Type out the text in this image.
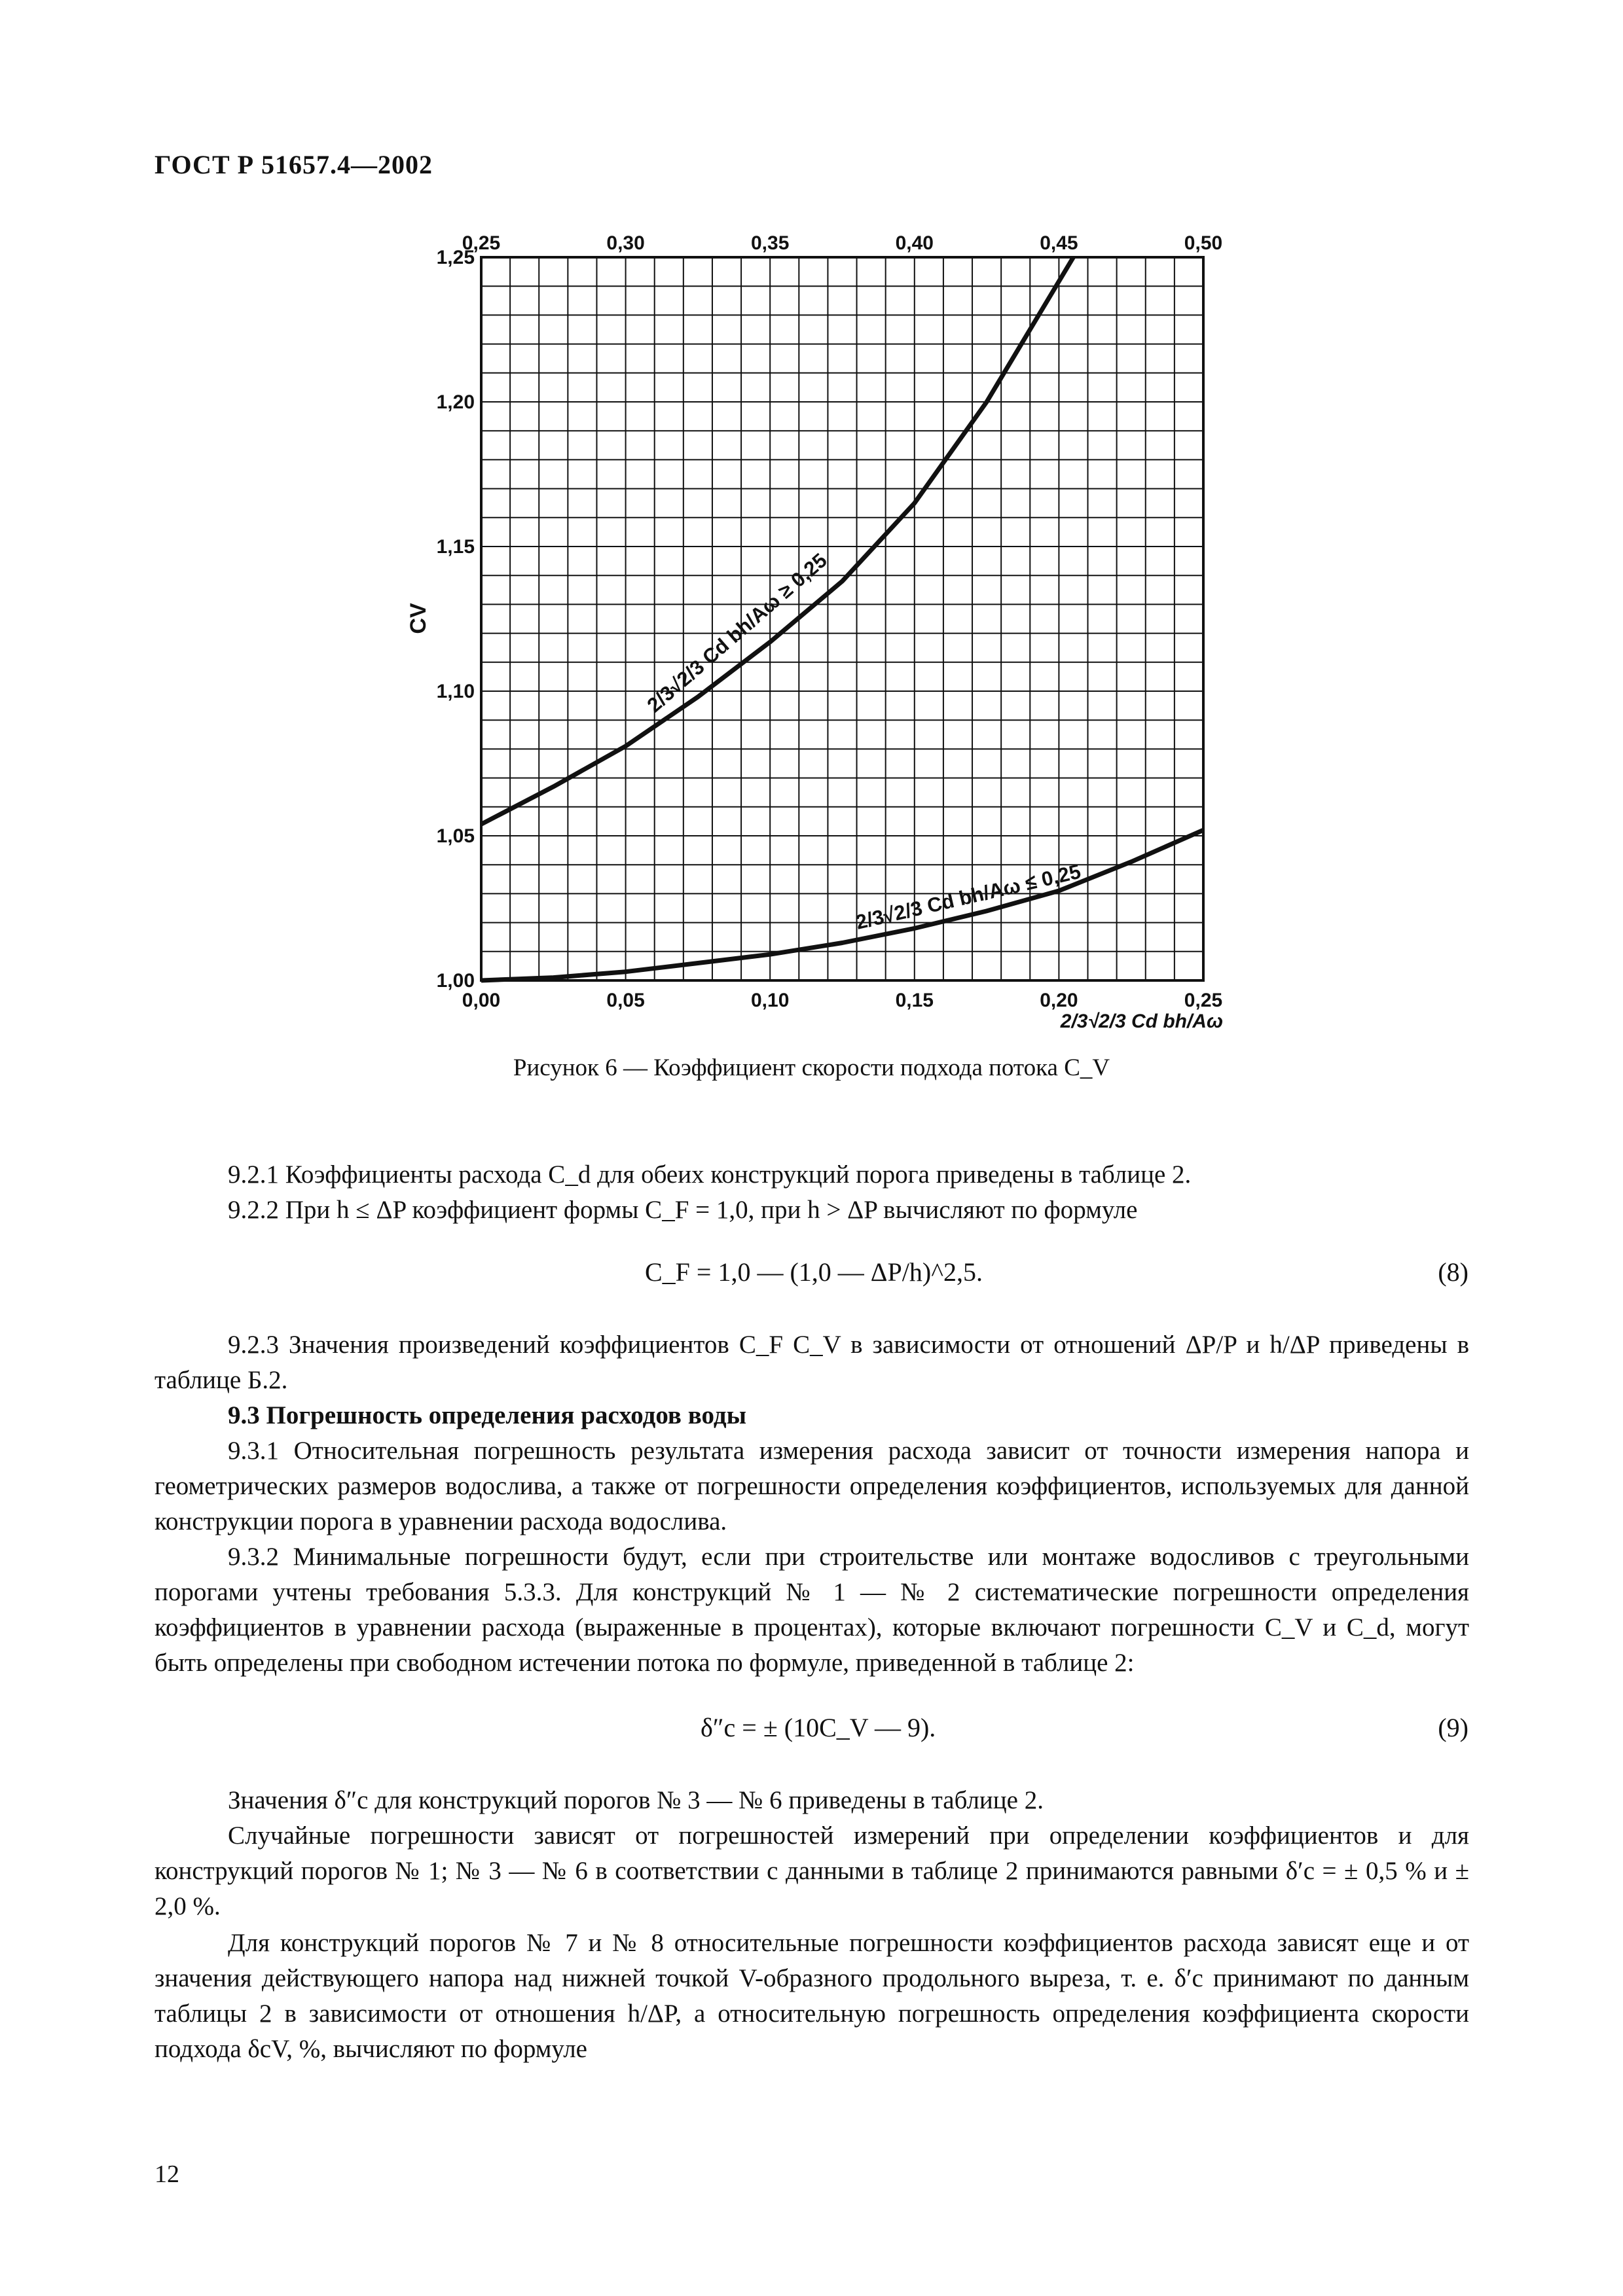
ГОСТ Р 51657.4—2002
0,00	0,05	0,10	0,15	0,20	0,25
0,25	0,30	0,35	0,40	0,45	0,50
1,00
1,05
1,10
1,15
1,20
1,25
CV
2/3√2/3 Cd bh/Aω
2/3√2/3 Cd bh/Aω ≤ 0,25
2/3√2/3 Cd bh/Aω ≥ 0,25
Рисунок 6 — Коэффициент скорости подхода потока C_V
9.2.1 Коэффициенты расхода C_d для обеих конструкций порога приведены в таблице 2.
9.2.2 При h ≤ ΔP коэффициент формы C_F = 1,0, при h > ΔP вычисляют по формуле
C_F = 1,0 — (1,0 — ΔP/h)^2,5.	(8)
9.2.3 Значения произведений коэффициентов C_F C_V в зависимости от отношений ΔP/P и h/ΔP приведены в таблице Б.2.
9.3 Погрешность определения расходов воды
9.3.1 Относительная погрешность результата измерения расхода зависит от точности измерения напора и геометрических размеров водослива, а также от погрешности определения коэффициентов, используемых для данной конструкции порога в уравнении расхода водослива.
9.3.2 Минимальные погрешности будут, если при строительстве или монтаже водосливов с треугольными порогами учтены требования 5.3.3. Для конструкций № 1 — № 2 систематические погрешности определения коэффициентов в уравнении расхода (выраженные в процентах), которые включают погрешности C_V и C_d, могут быть определены при свободном истечении потока по формуле, приведенной в таблице 2:
δ″c = ± (10C_V — 9).	(9)
Значения δ″c для конструкций порогов № 3 — № 6 приведены в таблице 2.
Случайные погрешности зависят от погрешностей измерений при определении коэффициентов и для конструкций порогов № 1; № 3 — № 6 в соответствии с данными в таблице 2 принимаются равными δ′c = ± 0,5 % и ± 2,0 %.
Для конструкций порогов № 7 и № 8 относительные погрешности коэффициентов расхода зависят еще и от значения действующего напора над нижней точкой V-образного продольного выреза, т. е. δ′c принимают по данным таблицы 2 в зависимости от отношения h/ΔP, а относительную погрешность определения коэффициента скорости подхода δcV, %, вычисляют по формуле
12
